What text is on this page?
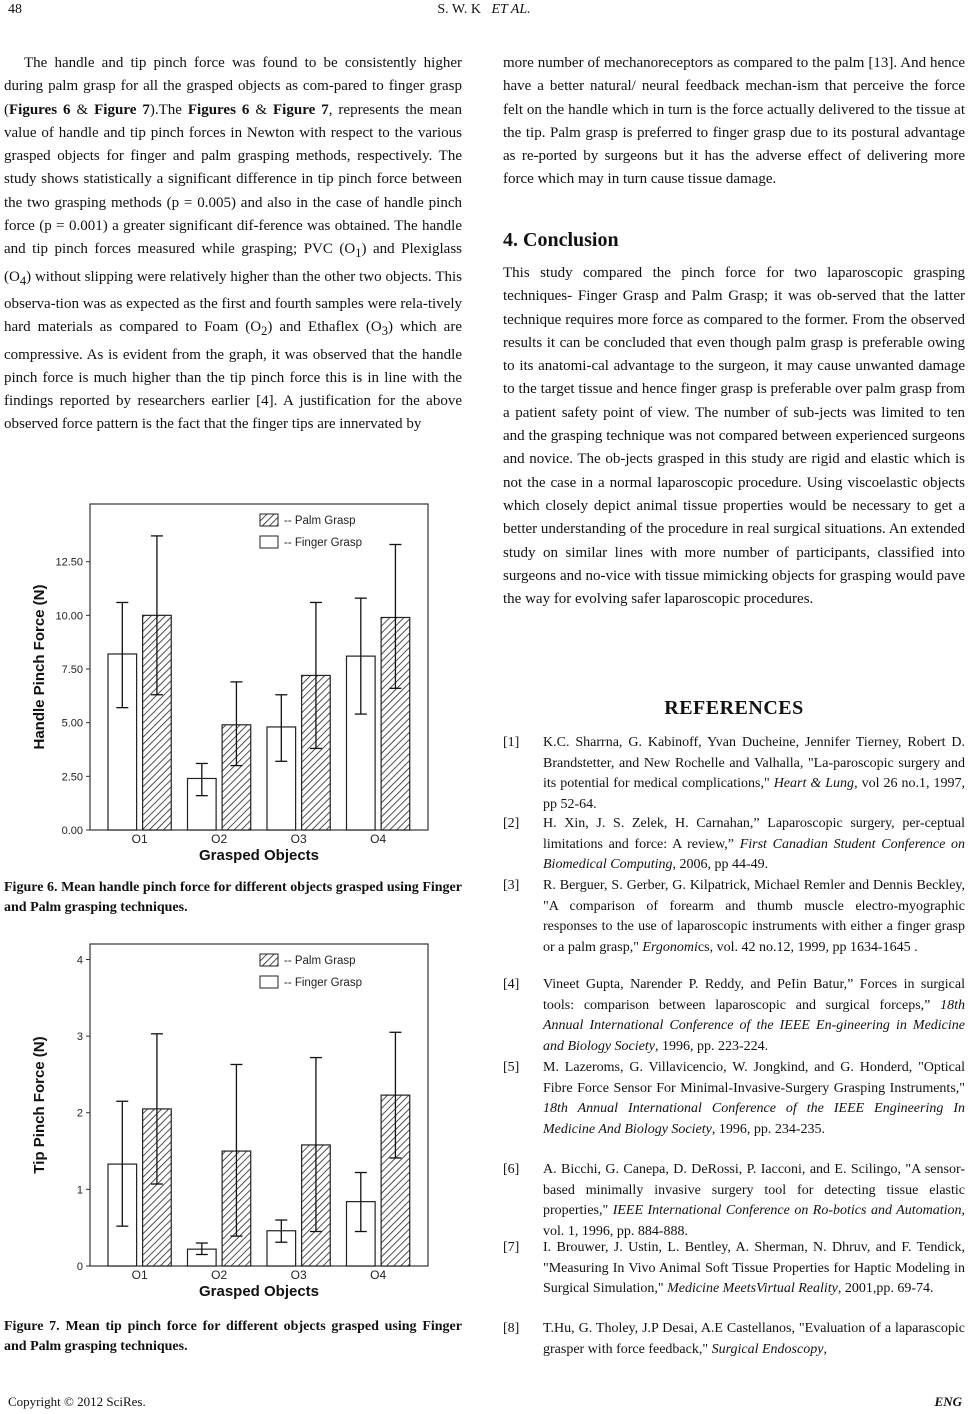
48	S. W. K ET AL.

The handle and tip pinch force was found to be consistently higher during palm grasp for all the grasped objects as com-pared to finger grasp (Figures 6 & Figure 7).The Figures 6 & Figure 7, represents the mean value of handle and tip pinch forces in Newton with respect to the various grasped objects for finger and palm grasping methods, respectively. The study shows statistically a significant difference in tip pinch force between the two grasping methods (p = 0.005) and also in the case of handle pinch force (p = 0.001) a greater significant dif-ference was obtained. The handle and tip pinch forces measured while grasping; PVC $(O_1)$ and Plexiglass $(O_4)$ without slipping were relatively higher than the other two objects. This observa-tion was as expected as the first and fourth samples were rela-tively hard materials as compared to Foam $(O_2)$ and Ethaflex $(O_3)$ which are compressive. As is evident from the graph, it was observed that the handle pinch force is much higher than the tip pinch force this is in line with the findings reported by researchers earlier [4]. A justification for the above observed force pattern is the fact that the finger tips are innervated by

0.00
2.50
5.00
7.50
10.00
12.50
Handle Pinch Force (N)
O1	O2	O3	O4
Grasped Objects
-- Palm Grasp
-- Finger Grasp
Figure 6. Mean handle pinch force for different objects grasped using Finger and Palm grasping techniques.
0
1
2
3
4
Tip Pinch Force (N)
O1	O2	O3	O4
Grasped Objects
-- Palm Grasp
-- Finger Grasp
Figure 7. Mean tip pinch force for different objects grasped using Finger and Palm grasping techniques.

more number of mechanoreceptors as compared to the palm [13]. And hence have a better natural/ neural feedback mechan-ism that perceive the force felt on the handle which in turn is the force actually delivered to the tissue at the tip. Palm grasp is preferred to finger grasp due to its postural advantage as re-ported by surgeons but it has the adverse effect of delivering more force which may in turn cause tissue damage.

4. Conclusion

This study compared the pinch force for two laparoscopic grasping techniques- Finger Grasp and Palm Grasp; it was ob-served that the latter technique requires more force as compared to the former. From the observed results it can be concluded that even though palm grasp is preferable owing to its anatomi-cal advantage to the surgeon, it may cause unwanted damage to the target tissue and hence finger grasp is preferable over palm grasp from a patient safety point of view. The number of sub-jects was limited to ten and the grasping technique was not compared between experienced surgeons and novice. The ob-jects grasped in this study are rigid and elastic which is not the case in a normal laparoscopic procedure. Using viscoelastic objects which closely depict animal tissue properties would be necessary to get a better understanding of the procedure in real surgical situations. An extended study on similar lines with more number of participants, classified into surgeons and no-vice with tissue mimicking objects for grasping would pave the way for evolving safer laparoscopic procedures.

REFERENCES
[1] K.C. Sharrna, G. Kabinoff, Yvan Ducheine, Jennifer Tierney, Robert D. Brandstetter, and New Rochelle and Valhalla, "La-paroscopic surgery and its potential for medical complications," Heart & Lung, vol 26 no.1, 1997, pp 52-64.
[2] H. Xin, J. S. Zelek, H. Carnahan,” Laparoscopic surgery, per-ceptual limitations and force: A review,” First Canadian Student Conference on Biomedical Computing, 2006, pp 44-49.
[3] R. Berguer, S. Gerber, G. Kilpatrick, Michael Remler and Dennis Beckley, "A comparison of forearm and thumb muscle electro-myographic responses to the use of laparoscopic instruments with either a finger grasp or a palm grasp," Ergonomics, vol. 42 no.12, 1999, pp 1634-1645 .
[4] Vineet Gupta, Narender P. Reddy, and PeIin Batur,” Forces in surgical tools: comparison between laparoscopic and surgical forceps,” 18th Annual International Conference of the IEEE En-gineering in Medicine and Biology Society, 1996, pp. 223-224.
[5] M. Lazeroms, G. Villavicencio, W. Jongkind, and G. Honderd, "Optical Fibre Force Sensor For Minimal-Invasive-Surgery Grasping Instruments," 18th Annual International Conference of the IEEE Engineering In Medicine And Biology Society, 1996, pp. 234-235.
[6] A. Bicchi, G. Canepa, D. DeRossi, P. Iacconi, and E. Scilingo, "A sensor-based minimally invasive surgery tool for detecting tissue elastic properties," IEEE International Conference on Ro-botics and Automation, vol. 1, 1996, pp. 884-888.
[7] I. Brouwer, J. Ustin, L. Bentley, A. Sherman, N. Dhruv, and F. Tendick, "Measuring In Vivo Animal Soft Tissue Properties for Haptic Modeling in Surgical Simulation," Medicine MeetsVirtual Reality, 2001,pp. 69-74.
[8] T.Hu, G. Tholey, J.P Desai, A.E Castellanos, "Evaluation of a laparascopic grasper with force feedback," Surgical Endoscopy,
Copyright © 2012 SciRes.	ENG
